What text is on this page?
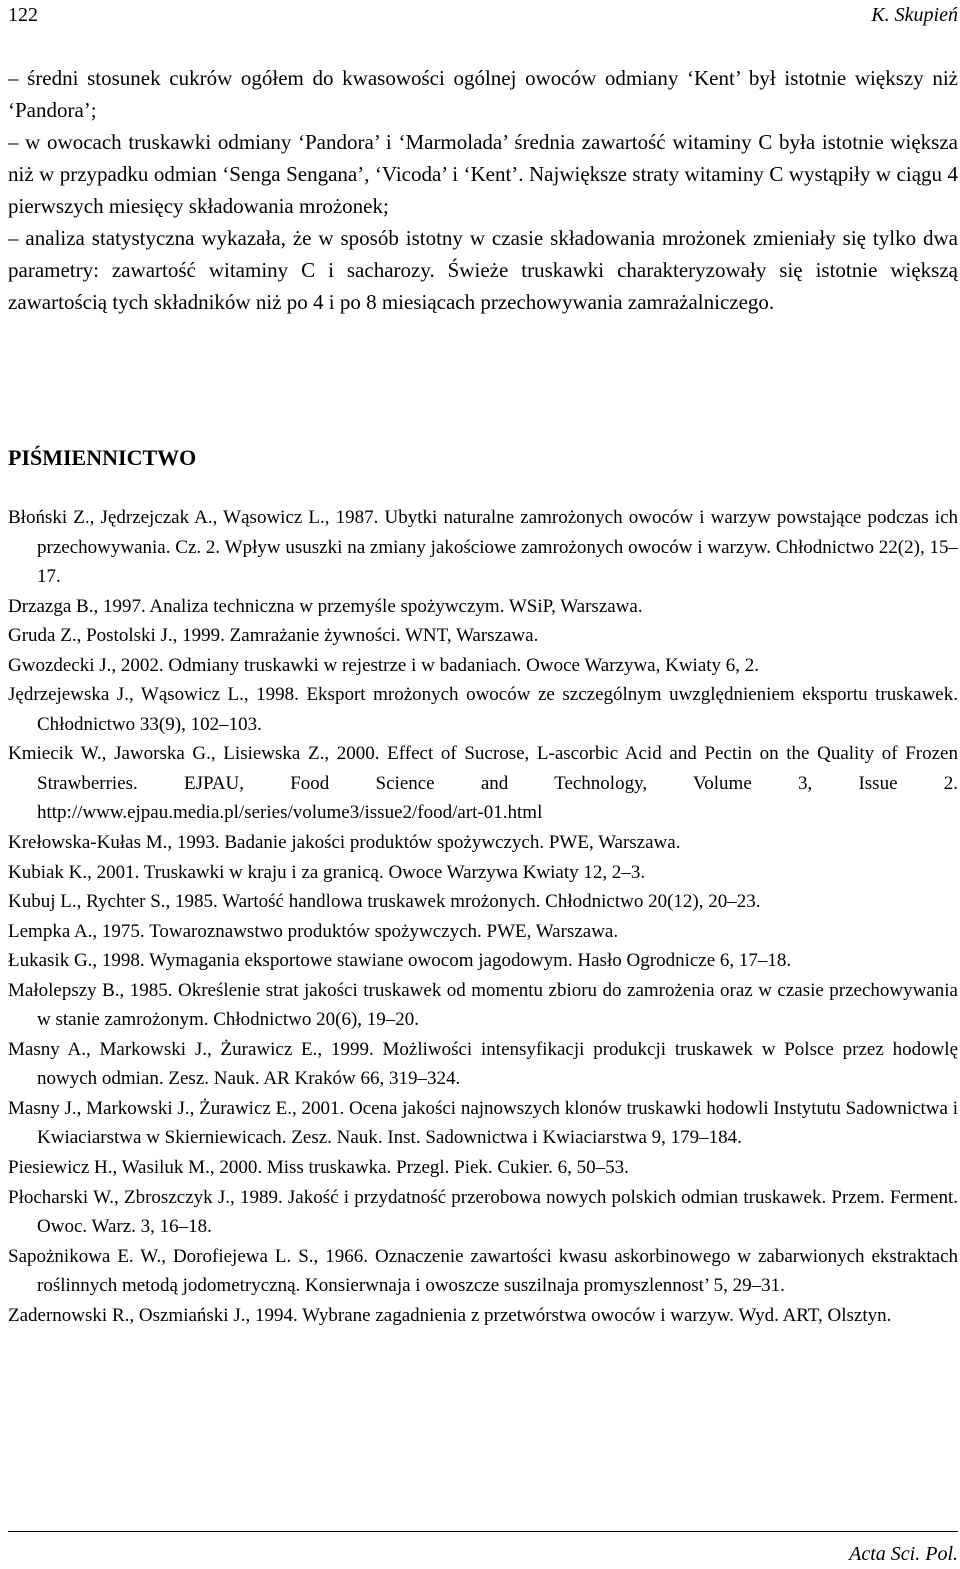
122	K. Skupień

– średni stosunek cukrów ogółem do kwasowości ogólnej owoców odmiany ‘Kent’ był istotnie większy niż ‘Pandora’;

– w owocach truskawki odmiany ‘Pandora’ i ‘Marmolada’ średnia zawartość witaminy C była istotnie większa niż w przypadku odmian ‘Senga Sengana’, ‘Vicoda’ i ‘Kent’. Największe straty witaminy C wystąpiły w ciągu 4 pierwszych miesięcy składowania mrożonek;

– analiza statystyczna wykazała, że w sposób istotny w czasie składowania mrożonek zmieniały się tylko dwa parametry: zawartość witaminy C i sacharozy. Świeże truskawki charakteryzowały się istotnie większą zawartością tych składników niż po 4 i po 8 miesiącach przechowywania zamrażalniczego.

PIŚMIENNICTWO

Błoński Z., Jędrzejczak A., Wąsowicz L., 1987. Ubytki naturalne zamrożonych owoców i warzyw powstające podczas ich przechowywania. Cz. 2. Wpływ ususzki na zmiany jakościowe zamrożonych owoców i warzyw. Chłodnictwo 22(2), 15–17.

Drzazga B., 1997. Analiza techniczna w przemyśle spożywczym. WSiP, Warszawa.

Gruda Z., Postolski J., 1999. Zamrażanie żywności. WNT, Warszawa.

Gwozdecki J., 2002. Odmiany truskawki w rejestrze i w badaniach. Owoce Warzywa, Kwiaty 6, 2.

Jędrzejewska J., Wąsowicz L., 1998. Eksport mrożonych owoców ze szczególnym uwzględnieniem eksportu truskawek. Chłodnictwo 33(9), 102–103.

Kmiecik W., Jaworska G., Lisiewska Z., 2000. Effect of Sucrose, L-ascorbic Acid and Pectin on the Quality of Frozen Strawberries. EJPAU, Food Science and Technology, Volume 3, Issue 2. http://www.ejpau.media.pl/series/volume3/issue2/food/art-01.html

Krełowska-Kułas M., 1993. Badanie jakości produktów spożywczych. PWE, Warszawa.

Kubiak K., 2001. Truskawki w kraju i za granicą. Owoce Warzywa Kwiaty 12, 2–3.

Kubuj L., Rychter S., 1985. Wartość handlowa truskawek mrożonych. Chłodnictwo 20(12), 20–23.

Lempka A., 1975. Towaroznawstwo produktów spożywczych. PWE, Warszawa.

Łukasik G., 1998. Wymagania eksportowe stawiane owocom jagodowym. Hasło Ogrodnicze 6, 17–18.

Małolepszy B., 1985. Określenie strat jakości truskawek od momentu zbioru do zamrożenia oraz w czasie przechowywania w stanie zamrożonym. Chłodnictwo 20(6), 19–20.

Masny A., Markowski J., Żurawicz E., 1999. Możliwości intensyfikacji produkcji truskawek w Polsce przez hodowlę nowych odmian. Zesz. Nauk. AR Kraków 66, 319–324.

Masny J., Markowski J., Żurawicz E., 2001. Ocena jakości najnowszych klonów truskawki hodowli Instytutu Sadownictwa i Kwiaciarstwa w Skierniewicach. Zesz. Nauk. Inst. Sadownictwa i Kwiaciarstwa 9, 179–184.

Piesiewicz H., Wasiluk M., 2000. Miss truskawka. Przegl. Piek. Cukier. 6, 50–53.

Płocharski W., Zbroszczyk J., 1989. Jakość i przydatność przerobowa nowych polskich odmian truskawek. Przem. Ferment. Owoc. Warz. 3, 16–18.

Sapożnikowa E. W., Dorofiejewa L. S., 1966. Oznaczenie zawartości kwasu askorbinowego w zabarwionych ekstraktach roślinnych metodą jodometryczną. Konsierwnaja i owoszcze suszilnaja promyszlennost’ 5, 29–31.

Zadernowski R., Oszmiański J., 1994. Wybrane zagadnienia z przetwórstwa owoców i warzyw. Wyd. ART, Olsztyn.

Acta Sci. Pol.
